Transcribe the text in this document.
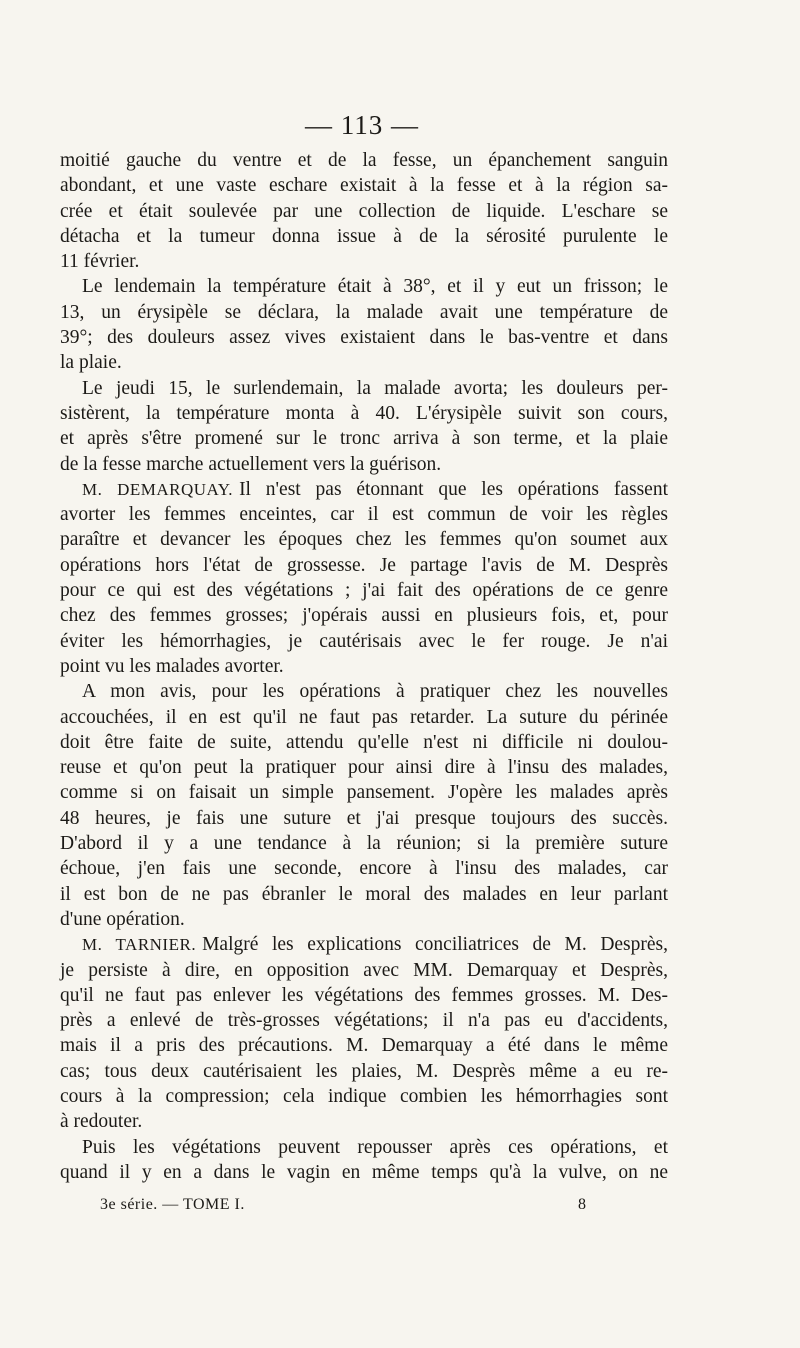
— 113 —
moitié gauche du ventre et de la fesse, un épanchement sanguin
abondant, et une vaste eschare existait à la fesse et à la région sa-
crée et était soulevée par une collection de liquide. L'eschare se
détacha et la tumeur donna issue à de la sérosité purulente le
11 février.
Le lendemain la température était à 38°, et il y eut un frisson; le
13, un érysipèle se déclara, la malade avait une température de
39°; des douleurs assez vives existaient dans le bas-ventre et dans
la plaie.
Le jeudi 15, le surlendemain, la malade avorta; les douleurs per-
sistèrent, la température monta à 40. L'érysipèle suivit son cours,
et après s'être promené sur le tronc arriva à son terme, et la plaie
de la fesse marche actuellement vers la guérison.
M. DEMARQUAY. Il n'est pas étonnant que les opérations fassent
avorter les femmes enceintes, car il est commun de voir les règles
paraître et devancer les époques chez les femmes qu'on soumet aux
opérations hors l'état de grossesse. Je partage l'avis de M. Desprès
pour ce qui est des végétations ; j'ai fait des opérations de ce genre
chez des femmes grosses; j'opérais aussi en plusieurs fois, et, pour
éviter les hémorrhagies, je cautérisais avec le fer rouge. Je n'ai
point vu les malades avorter.
A mon avis, pour les opérations à pratiquer chez les nouvelles
accouchées, il en est qu'il ne faut pas retarder. La suture du périnée
doit être faite de suite, attendu qu'elle n'est ni difficile ni doulou-
reuse et qu'on peut la pratiquer pour ainsi dire à l'insu des malades,
comme si on faisait un simple pansement. J'opère les malades après
48 heures, je fais une suture et j'ai presque toujours des succès.
D'abord il y a une tendance à la réunion; si la première suture
échoue, j'en fais une seconde, encore à l'insu des malades, car
il est bon de ne pas ébranler le moral des malades en leur parlant
d'une opération.
M. TARNIER. Malgré les explications conciliatrices de M. Desprès,
je persiste à dire, en opposition avec MM. Demarquay et Desprès,
qu'il ne faut pas enlever les végétations des femmes grosses. M. Des-
près a enlevé de très-grosses végétations; il n'a pas eu d'accidents,
mais il a pris des précautions. M. Demarquay a été dans le même
cas; tous deux cautérisaient les plaies, M. Desprès même a eu re-
cours à la compression; cela indique combien les hémorrhagies sont
à redouter.
Puis les végétations peuvent repousser après ces opérations, et
quand il y en a dans le vagin en même temps qu'à la vulve, on ne
3e série. — TOME I.	8
